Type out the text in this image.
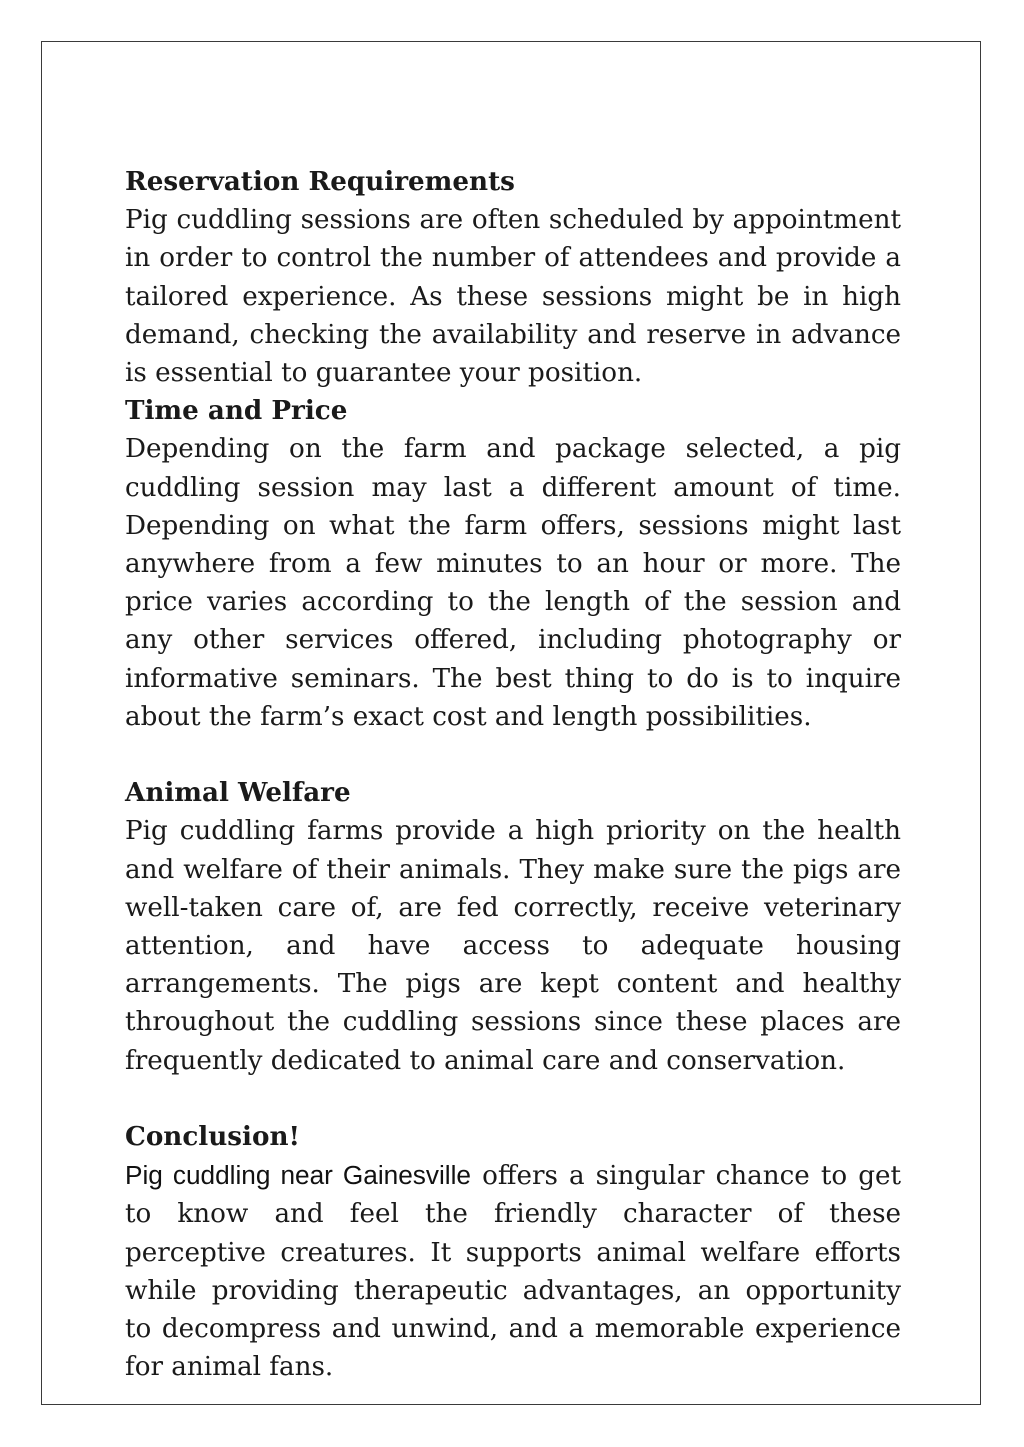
Reservation Requirements

Pig cuddling sessions are often scheduled by appointment in order to control the number of attendees and provide a tailored experience. As these sessions might be in high demand, checking the availability and reserve in advance is essential to guarantee your position.

Time and Price

Depending on the farm and package selected, a pig cuddling session may last a different amount of time. Depending on what the farm offers, sessions might last anywhere from a few minutes to an hour or more. The price varies according to the length of the session and any other services offered, including photography or informative seminars. The best thing to do is to inquire about the farm’s exact cost and length possibilities.

Animal Welfare

Pig cuddling farms provide a high priority on the health and welfare of their animals. They make sure the pigs are well-taken care of, are fed correctly, receive veterinary attention, and have access to adequate housing arrangements. The pigs are kept content and healthy throughout the cuddling sessions since these places are frequently dedicated to animal care and conservation.

Conclusion!

Pig cuddling near Gainesville offers a singular chance to get to know and feel the friendly character of these perceptive creatures. It supports animal welfare efforts while providing therapeutic advantages, an opportunity to decompress and unwind, and a memorable experience for animal fans.
